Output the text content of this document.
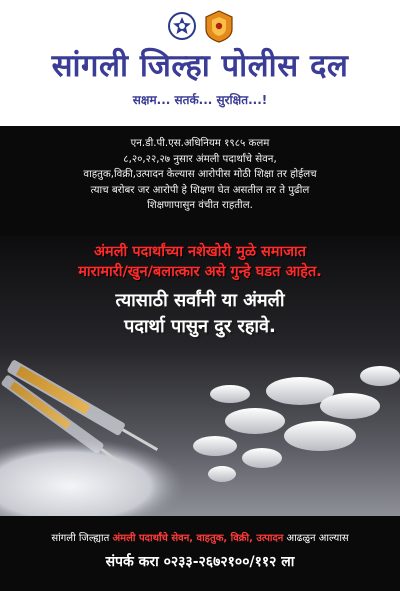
सांगली जिल्हा पोलीस दल
सक्षम... सतर्क... सुरक्षित...!
एन.डी.पी.एस.अधिनियम १९८५ कलम
८,२०,२२,२७ नुसार अंमली पदार्थांचे सेवन,
वाहतुक,विक्री,उत्पादन केल्यास आरोपीस मोठी शिक्षा तर होईलच
त्याच बरोबर जर आरोपी हे शिक्षण घेत असतील तर ते पुढील
शिक्षणापासुन वंचीत राहतील.
अंमली पदार्थांच्या नशेखोरी मुळे समाजात
मारामारी/खुन/बलात्कार असे गुन्हे घडत आहेत.
त्यासाठी सर्वांनी या अंमली
पदार्था पासुन दुर रहावे.
सांगली जिल्ह्यात अंमली पदार्थांचे सेवन, वाहतुक, विक्री, उत्पादन आढळुन आल्यास
संपर्क करा ०२३३-२६७२१००/११२ ला
